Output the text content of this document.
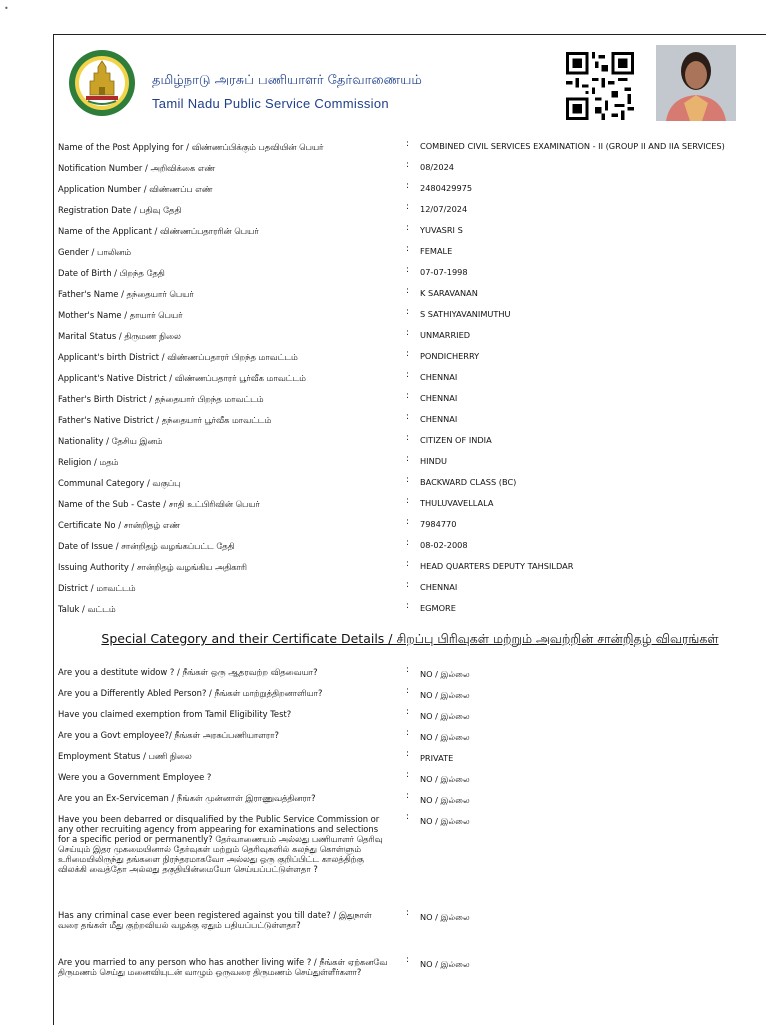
•
தமிழ்நாடு அரசுப் பணியாளர் தேர்வாணையம்
Tamil Nadu Public Service Commission
Name of the Post Applying for / விண்ணப்பிக்கும் பதவியின் பெயர்	: COMBINED CIVIL SERVICES EXAMINATION - II (GROUP II AND IIA SERVICES)
Notification Number / அறிவிக்கை எண்	: 08/2024
Application Number / விண்ணப்ப எண்	: 2480429975
Registration Date / பதிவு தேதி	: 12/07/2024
Name of the Applicant / விண்ணப்பதாரரின் பெயர்	: YUVASRI S
Gender / பாலினம்	: FEMALE
Date of Birth / பிறந்த தேதி	: 07-07-1998
Father's Name / தந்தையார் பெயர்	: K SARAVANAN
Mother's Name / தாயார் பெயர்	: S SATHIYAVANIMUTHU
Marital Status / திருமண நிலை	: UNMARRIED
Applicant's birth District / விண்ணப்பதாரர் பிறந்த மாவட்டம்	: PONDICHERRY
Applicant's Native District / விண்ணப்பதாரர் பூர்வீக மாவட்டம்	: CHENNAI
Father's Birth District / தந்தையார் பிறந்த மாவட்டம்	: CHENNAI
Father's Native District / தந்தையார் பூர்வீக மாவட்டம்	: CHENNAI
Nationality / தேசிய இனம்	: CITIZEN OF INDIA
Religion / மதம்	: HINDU
Communal Category / வகுப்பு	: BACKWARD CLASS (BC)
Name of the Sub - Caste / சாதி உட்பிரிவின் பெயர்	: THULUVAVELLALA
Certificate No / சான்றிதழ் எண்	: 7984770
Date of Issue / சான்றிதழ் வழங்கப்பட்ட தேதி	: 08-02-2008
Issuing Authority / சான்றிதழ் வழங்கிய அதிகாரி	: HEAD QUARTERS DEPUTY TAHSILDAR
District / மாவட்டம்	: CHENNAI
Taluk / வட்டம்	: EGMORE
Special Category and their Certificate Details / சிறப்பு பிரிவுகள் மற்றும் அவற்றின் சான்றிதழ் விவரங்கள்
Are you a destitute widow ? / நீங்கள் ஒரு ஆதரவற்ற விதவையா?	: NO / இல்லை
Are you a Differently Abled Person? / நீங்கள் மாற்றுத்திறனாளியா?	: NO / இல்லை
Have you claimed exemption from Tamil Eligibility Test?	: NO / இல்லை
Are you a Govt employee?/ நீங்கள் அரசுப்பணியாளரா?	: NO / இல்லை
Employment Status / பணி நிலை	: PRIVATE
Were you a Government Employee ?	: NO / இல்லை
Are you an Ex-Serviceman / நீங்கள் முன்னாள் இராணுவத்தினரா?	: NO / இல்லை
Have you been debarred or disqualified by the Public Service Commission or any other recruiting agency from appearing for examinations and selections for a specific period or permanently? தேர்வாணையம் அல்லது பணியாளர் தெரிவு செய்யும் இதர முகமையினால் தேர்வுகள் மற்றும் தெரிவுகளில் கலந்து கொள்ளும் உரிமையிலிருந்து தங்களை நிரந்தரமாகவோ அல்லது ஒரு குறிப்பிட்ட காலத்திற்கு விலக்கி வைத்தோ அல்லது தகுதியின்மையோ செய்யப்பட்டுள்ளதா ?
: NO / இல்லை
Has any criminal case ever been registered against you till date? / இதுநாள் வரை தங்கள் மீது குற்றவியல் வழக்கு ஏதும் பதியப்பட்டுள்ளதா?
: NO / இல்லை
Are you married to any person who has another living wife ? / நீங்கள் ஏற்கனவே திருமணம் செய்து மனைவியுடன் வாழும் ஒருவரை திருமணம் செய்துள்ளீர்களா?
: NO / இல்லை
